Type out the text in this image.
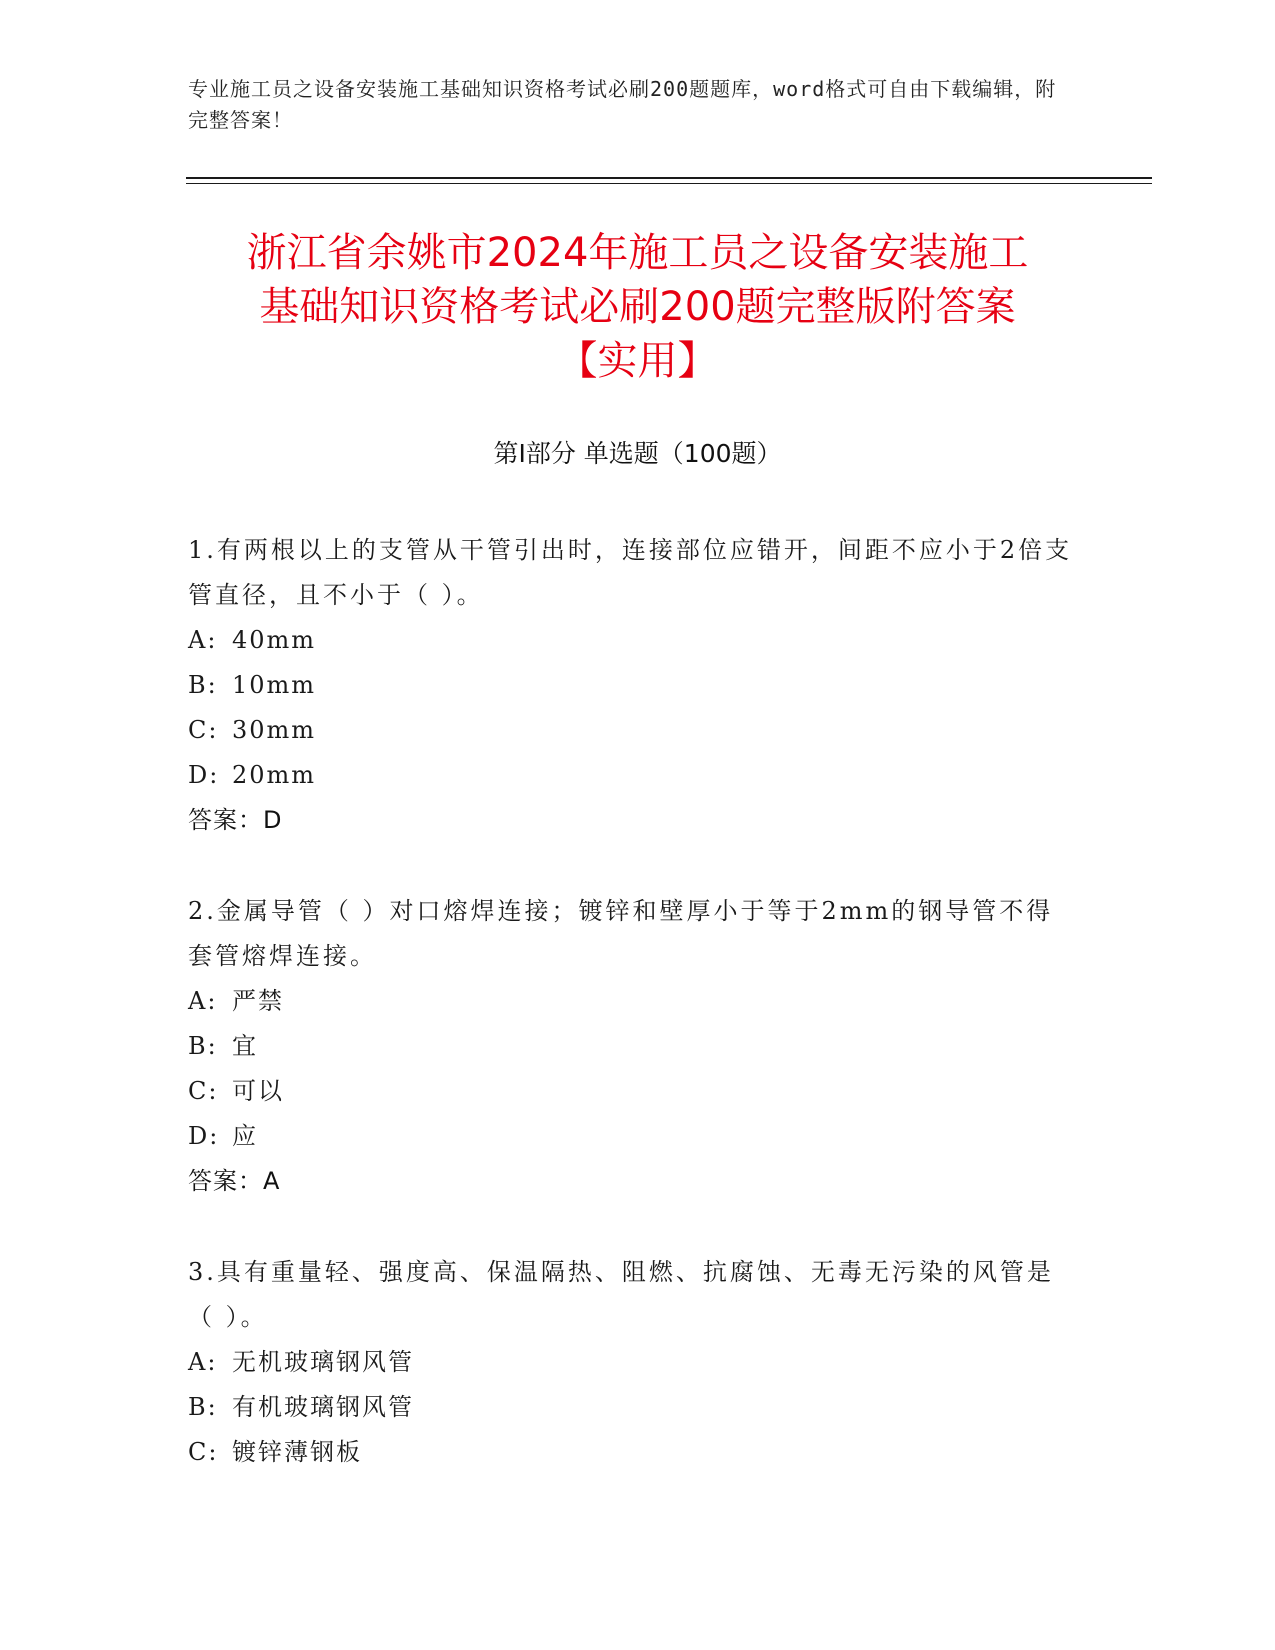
专业施工员之设备安装施工基础知识资格考试必刷200题题库，word格式可自由下载编辑，附完整答案！
浙江省余姚市2024年施工员之设备安装施工
基础知识资格考试必刷200题完整版附答案
【实用】
第I部分 单选题（100题）
1.有两根以上的支管从干管引出时，连接部位应错开，间距不应小于2倍支管直径，且不小于（ ）。
A: 40mm
B: 10mm
C: 30mm
D: 20mm
答案：D
2.金属导管（ ）对口熔焊连接；镀锌和壁厚小于等于2mm的钢导管不得套管熔焊连接。
A: 严禁
B: 宜
C: 可以
D: 应
答案：A
3.具有重量轻、强度高、保温隔热、阻燃、抗腐蚀、无毒无污染的风管是（ ）。
A: 无机玻璃钢风管
B: 有机玻璃钢风管
C: 镀锌薄钢板
